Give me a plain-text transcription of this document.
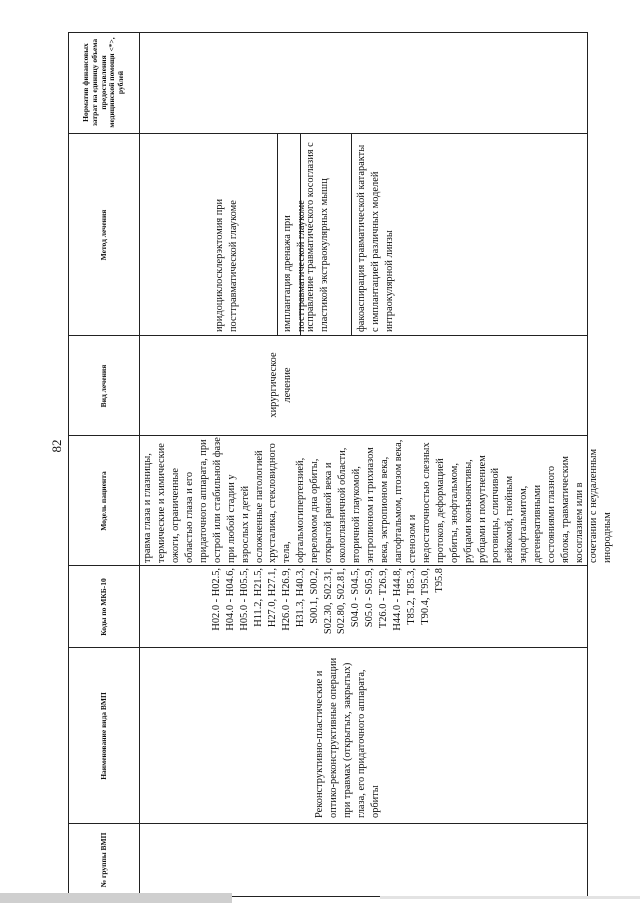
82
№ группы ВМП
Наименование вида ВМП
Коды по МКБ-10
Модель пациента
Вид лечения
Метод лечения
Норматив финансовых затрат на единицу объема предоставления медицинской помощи <*>, рублей
Реконструктивно-пластические и оптико-реконструктивные операции при травмах (открытых, закрытых) глаза, его придаточного аппарата, орбиты
H02.0 - H02.5, H04.0 - H04.6, H05.0 - H05.5, H11.2, H21.5, H27.0, H27.1, H26.0 - H26.9, H31.3, H40.3, S00.1, S00.2, S02.30, S02.31, S02.80, S02.81, S04.0 - S04.5, S05.0 - S05.9, T26.0 - T26.9, H44.0 - H44.8, T85.2, T85.3, T90.4, T95.0, T95.8
травма глаза и глазницы, термические и химические ожоги, ограниченные областью глаза и его придаточного аппарата, при острой или стабильной фазе при любой стадии у взрослых и детей осложненные патологией хрусталика, стекловидного тела, офтальмогипертензией, переломом дна орбиты, открытой раной века и окологлазничной области, вторичной глаукомой, энтропионом и трихиазом века, эктропионом века, лагофтальмом, птозом века, стенозом и недостаточностью слезных протоков, деформацией орбиты, энофтальмом, рубцами конъюнктивы, рубцами и помутнением роговицы, слипчивой лейкомой, гнойным эндофтальмитом, дегенеративными состояниями глазного яблока, травматическим косоглазием или в сочетании с неудаленным инородным
хирургическое лечение
иридоциклосклерэктомия при посттравматической глаукоме	имплантация дренажа при посттравматической глаукоме
исправление травматического косоглазия с пластикой экстраокулярных мышц	факоаспирация травматической катаракты с имплантацией различных моделей интраокулярной линзы
